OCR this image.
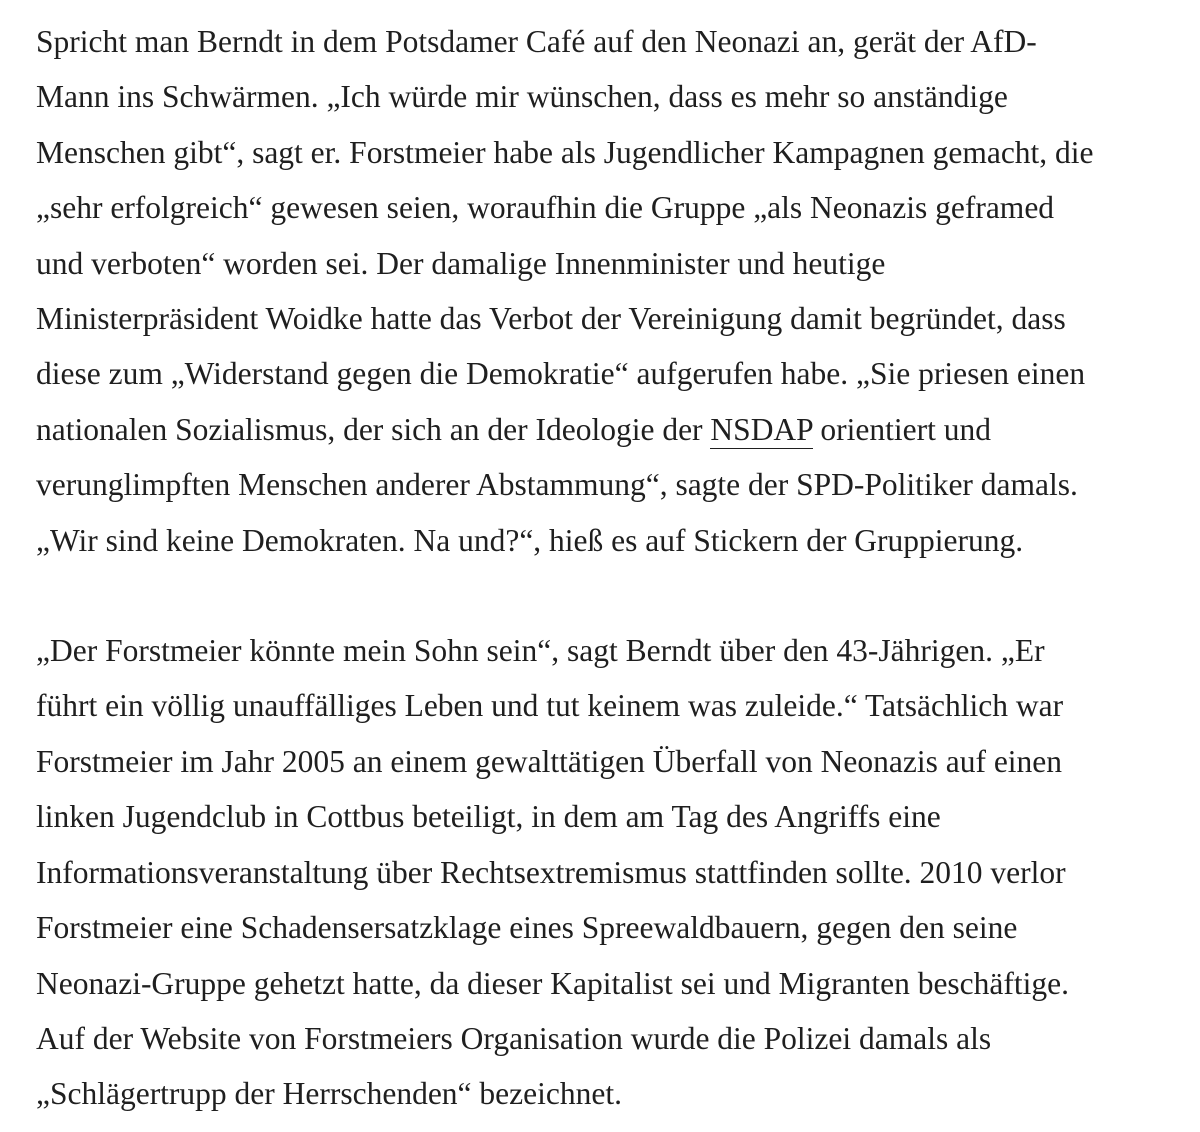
Spricht man Berndt in dem Potsdamer Café auf den Neonazi an, gerät der AfD-
Mann ins Schwärmen. „Ich würde mir wünschen, dass es mehr so anständige
Menschen gibt“, sagt er. Forstmeier habe als Jugendlicher Kampagnen gemacht, die
„sehr erfolgreich“ gewesen seien, woraufhin die Gruppe „als Neonazis geframed
und verboten“ worden sei. Der damalige Innenminister und heutige
Ministerpräsident Woidke hatte das Verbot der Vereinigung damit begründet, dass
diese zum „Widerstand gegen die Demokratie“ aufgerufen habe. „Sie priesen einen
nationalen Sozialismus, der sich an der Ideologie der NSDAP orientiert und
verunglimpften Menschen anderer Abstammung“, sagte der SPD-Politiker damals.
„Wir sind keine Demokraten. Na und?“, hieß es auf Stickern der Gruppierung.

„Der Forstmeier könnte mein Sohn sein“, sagt Berndt über den 43-Jährigen. „Er
führt ein völlig unauffälliges Leben und tut keinem was zuleide.“ Tatsächlich war
Forstmeier im Jahr 2005 an einem gewalttätigen Überfall von Neonazis auf einen
linken Jugendclub in Cottbus beteiligt, in dem am Tag des Angriffs eine
Informationsveranstaltung über Rechtsextremismus stattfinden sollte. 2010 verlor
Forstmeier eine Schadensersatzklage eines Spreewaldbauern, gegen den seine
Neonazi-Gruppe gehetzt hatte, da dieser Kapitalist sei und Migranten beschäftige.
Auf der Website von Forstmeiers Organisation wurde die Polizei damals als
„Schlägertrupp der Herrschenden“ bezeichnet.
